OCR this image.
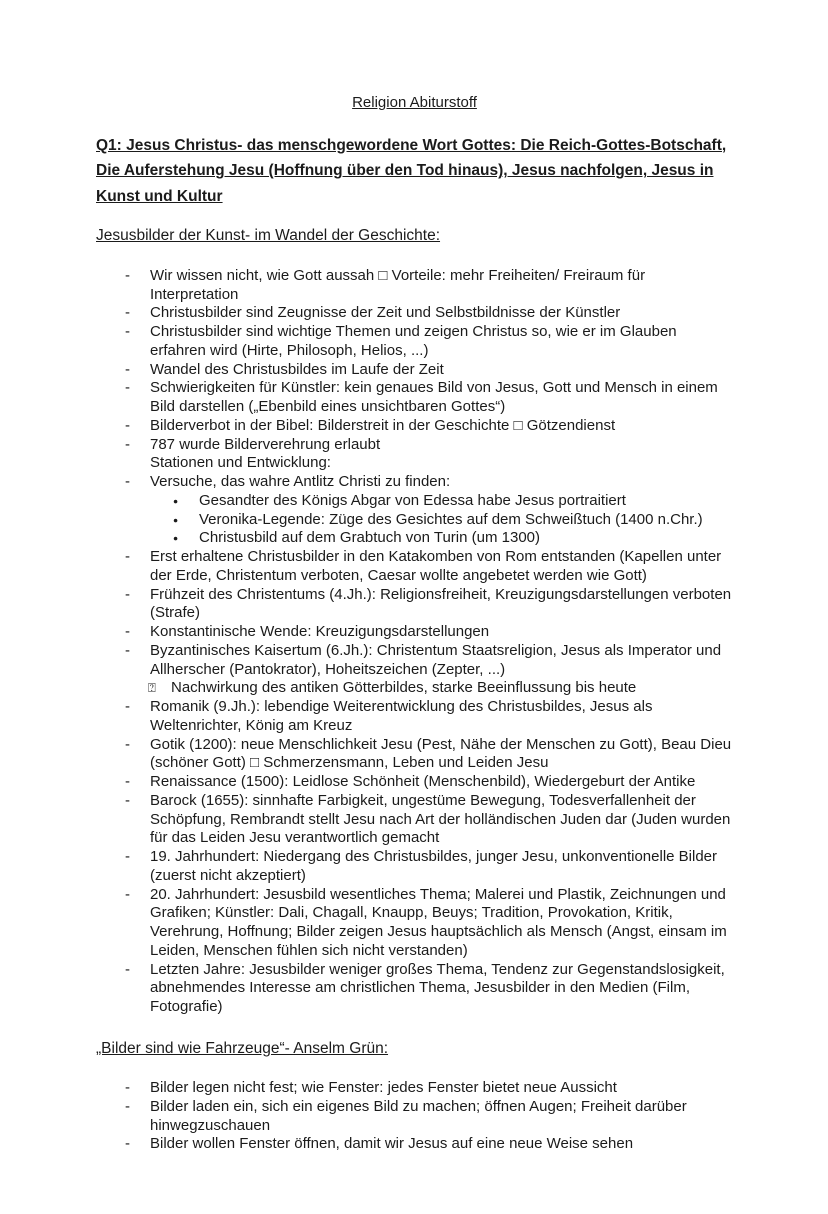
Religion Abiturstoff

Q1: Jesus Christus- das menschgewordene Wort Gottes: Die Reich-Gottes-Botschaft, Die Auferstehung Jesu (Hoffnung über den Tod hinaus), Jesus nachfolgen, Jesus in Kunst und Kultur

Jesusbilder der Kunst- im Wandel der Geschichte:

-	Wir wissen nicht, wie Gott aussah □ Vorteile: mehr Freiheiten/ Freiraum für Interpretation
-	Christusbilder sind Zeugnisse der Zeit und Selbstbildnisse der Künstler
-	Christusbilder sind wichtige Themen und zeigen Christus so, wie er im Glauben erfahren wird (Hirte, Philosoph, Helios, ...)
-	Wandel des Christusbildes im Laufe der Zeit
-	Schwierigkeiten für Künstler: kein genaues Bild von Jesus, Gott und Mensch in einem Bild darstellen („Ebenbild eines unsichtbaren Gottes“)
-	Bilderverbot in der Bibel: Bilderstreit in der Geschichte □ Götzendienst
-	787 wurde Bilderverehrung erlaubt
Stationen und Entwicklung:
-	Versuche, das wahre Antlitz Christi zu finden:
●	Gesandter des Königs Abgar von Edessa habe Jesus portraitiert
●	Veronika-Legende: Züge des Gesichtes auf dem Schweißtuch (1400 n.Chr.)
●	Christusbild auf dem Grabtuch von Turin (um 1300)
-	Erst erhaltene Christusbilder in den Katakomben von Rom entstanden (Kapellen unter der Erde, Christentum verboten, Caesar wollte angebetet werden wie Gott)
-	Frühzeit des Christentums (4.Jh.): Religionsfreiheit, Kreuzigungsdarstellungen verboten (Strafe)
-	Konstantinische Wende: Kreuzigungsdarstellungen
-	Byzantinisches Kaisertum (6.Jh.): Christentum Staatsreligion, Jesus als Imperator und Allherscher (Pantokrator), Hoheitszeichen (Zepter, ...)
⍰	Nachwirkung des antiken Götterbildes, starke Beeinflussung bis heute
-	Romanik (9.Jh.): lebendige Weiterentwicklung des Christusbildes, Jesus als Weltenrichter, König am Kreuz
-	Gotik (1200): neue Menschlichkeit Jesu (Pest, Nähe der Menschen zu Gott), Beau Dieu (schöner Gott) □ Schmerzensmann, Leben und Leiden Jesu
-	Renaissance (1500): Leidlose Schönheit (Menschenbild), Wiedergeburt der Antike
-	Barock (1655): sinnhafte Farbigkeit, ungestüme Bewegung, Todesverfallenheit der Schöpfung, Rembrandt stellt Jesu nach Art der holländischen Juden dar (Juden wurden für das Leiden Jesu verantwortlich gemacht
-	19. Jahrhundert: Niedergang des Christusbildes, junger Jesu, unkonventionelle Bilder (zuerst nicht akzeptiert)
-	20. Jahrhundert: Jesusbild wesentliches Thema; Malerei und Plastik, Zeichnungen und Grafiken; Künstler: Dali, Chagall, Knaupp, Beuys; Tradition, Provokation, Kritik, Verehrung, Hoffnung; Bilder zeigen Jesus hauptsächlich als Mensch (Angst, einsam im Leiden, Menschen fühlen sich nicht verstanden)
-	Letzten Jahre: Jesusbilder weniger großes Thema, Tendenz zur Gegenstandslosigkeit, abnehmendes Interesse am christlichen Thema, Jesusbilder in den Medien (Film, Fotografie)

„Bilder sind wie Fahrzeuge“- Anselm Grün:

-	Bilder legen nicht fest; wie Fenster: jedes Fenster bietet neue Aussicht
-	Bilder laden ein, sich ein eigenes Bild zu machen; öffnen Augen; Freiheit darüber hinwegzuschauen
-	Bilder wollen Fenster öffnen, damit wir Jesus auf eine neue Weise sehen
